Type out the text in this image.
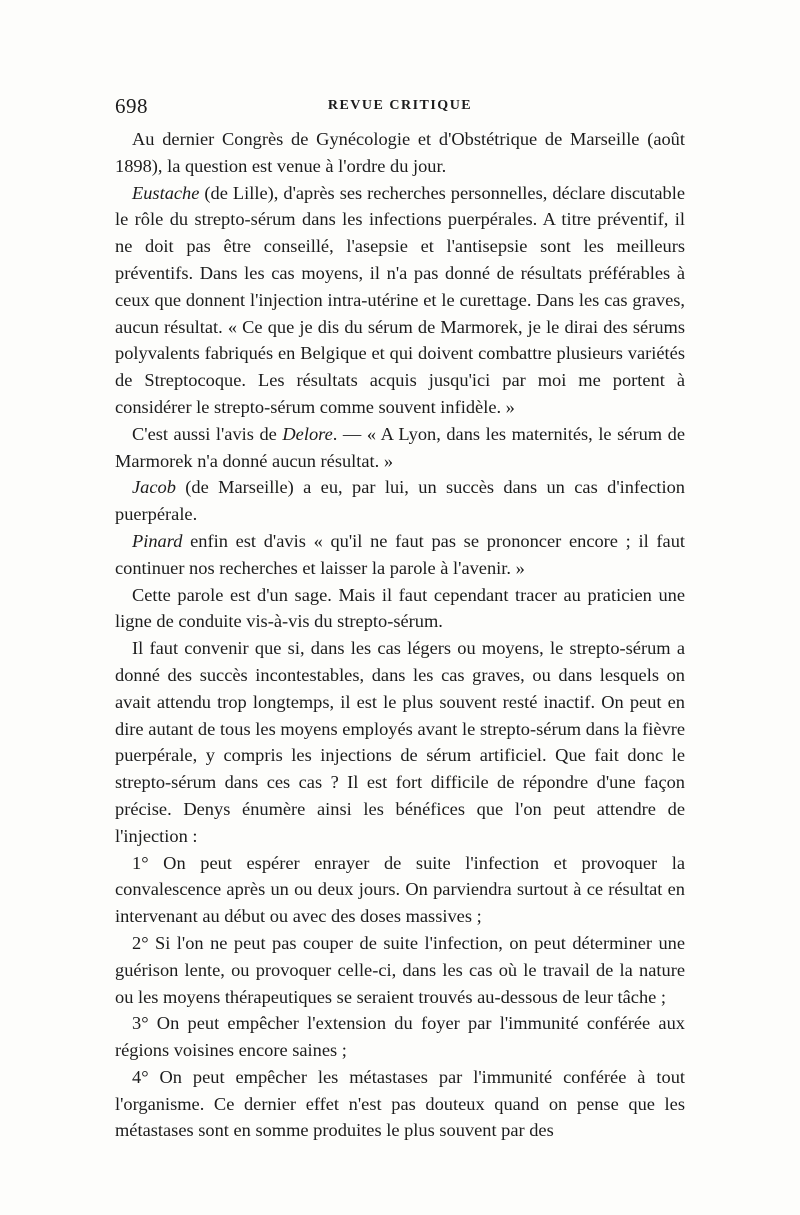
698	REVUE CRITIQUE

Au dernier Congrès de Gynécologie et d'Obstétrique de Marseille (août 1898), la question est venue à l'ordre du jour.

Eustache (de Lille), d'après ses recherches personnelles, déclare discutable le rôle du strepto-sérum dans les infections puerpérales. A titre préventif, il ne doit pas être conseillé, l'asepsie et l'antisepsie sont les meilleurs préventifs. Dans les cas moyens, il n'a pas donné de résultats préférables à ceux que donnent l'injection intra-utérine et le curettage. Dans les cas graves, aucun résultat. « Ce que je dis du sérum de Marmorek, je le dirai des sérums polyvalents fabriqués en Belgique et qui doivent combattre plusieurs variétés de Streptocoque. Les résultats acquis jusqu'ici par moi me portent à considérer le strepto-sérum comme souvent infidèle. »

C'est aussi l'avis de Delore. — « A Lyon, dans les maternités, le sérum de Marmorek n'a donné aucun résultat. »

Jacob (de Marseille) a eu, par lui, un succès dans un cas d'infection puerpérale.

Pinard enfin est d'avis « qu'il ne faut pas se prononcer encore ; il faut continuer nos recherches et laisser la parole à l'avenir. »

Cette parole est d'un sage. Mais il faut cependant tracer au praticien une ligne de conduite vis-à-vis du strepto-sérum.

Il faut convenir que si, dans les cas légers ou moyens, le strepto-sérum a donné des succès incontestables, dans les cas graves, ou dans lesquels on avait attendu trop longtemps, il est le plus souvent resté inactif. On peut en dire autant de tous les moyens employés avant le strepto-sérum dans la fièvre puerpérale, y compris les injections de sérum artificiel. Que fait donc le strepto-sérum dans ces cas ? Il est fort difficile de répondre d'une façon précise. Denys énumère ainsi les bénéfices que l'on peut attendre de l'injection :

1° On peut espérer enrayer de suite l'infection et provoquer la convalescence après un ou deux jours. On parviendra surtout à ce résultat en intervenant au début ou avec des doses massives ;

2° Si l'on ne peut pas couper de suite l'infection, on peut déterminer une guérison lente, ou provoquer celle-ci, dans les cas où le travail de la nature ou les moyens thérapeutiques se seraient trouvés au-dessous de leur tâche ;

3° On peut empêcher l'extension du foyer par l'immunité conférée aux régions voisines encore saines ;

4° On peut empêcher les métastases par l'immunité conférée à tout l'organisme. Ce dernier effet n'est pas douteux quand on pense que les métastases sont en somme produites le plus souvent par des
